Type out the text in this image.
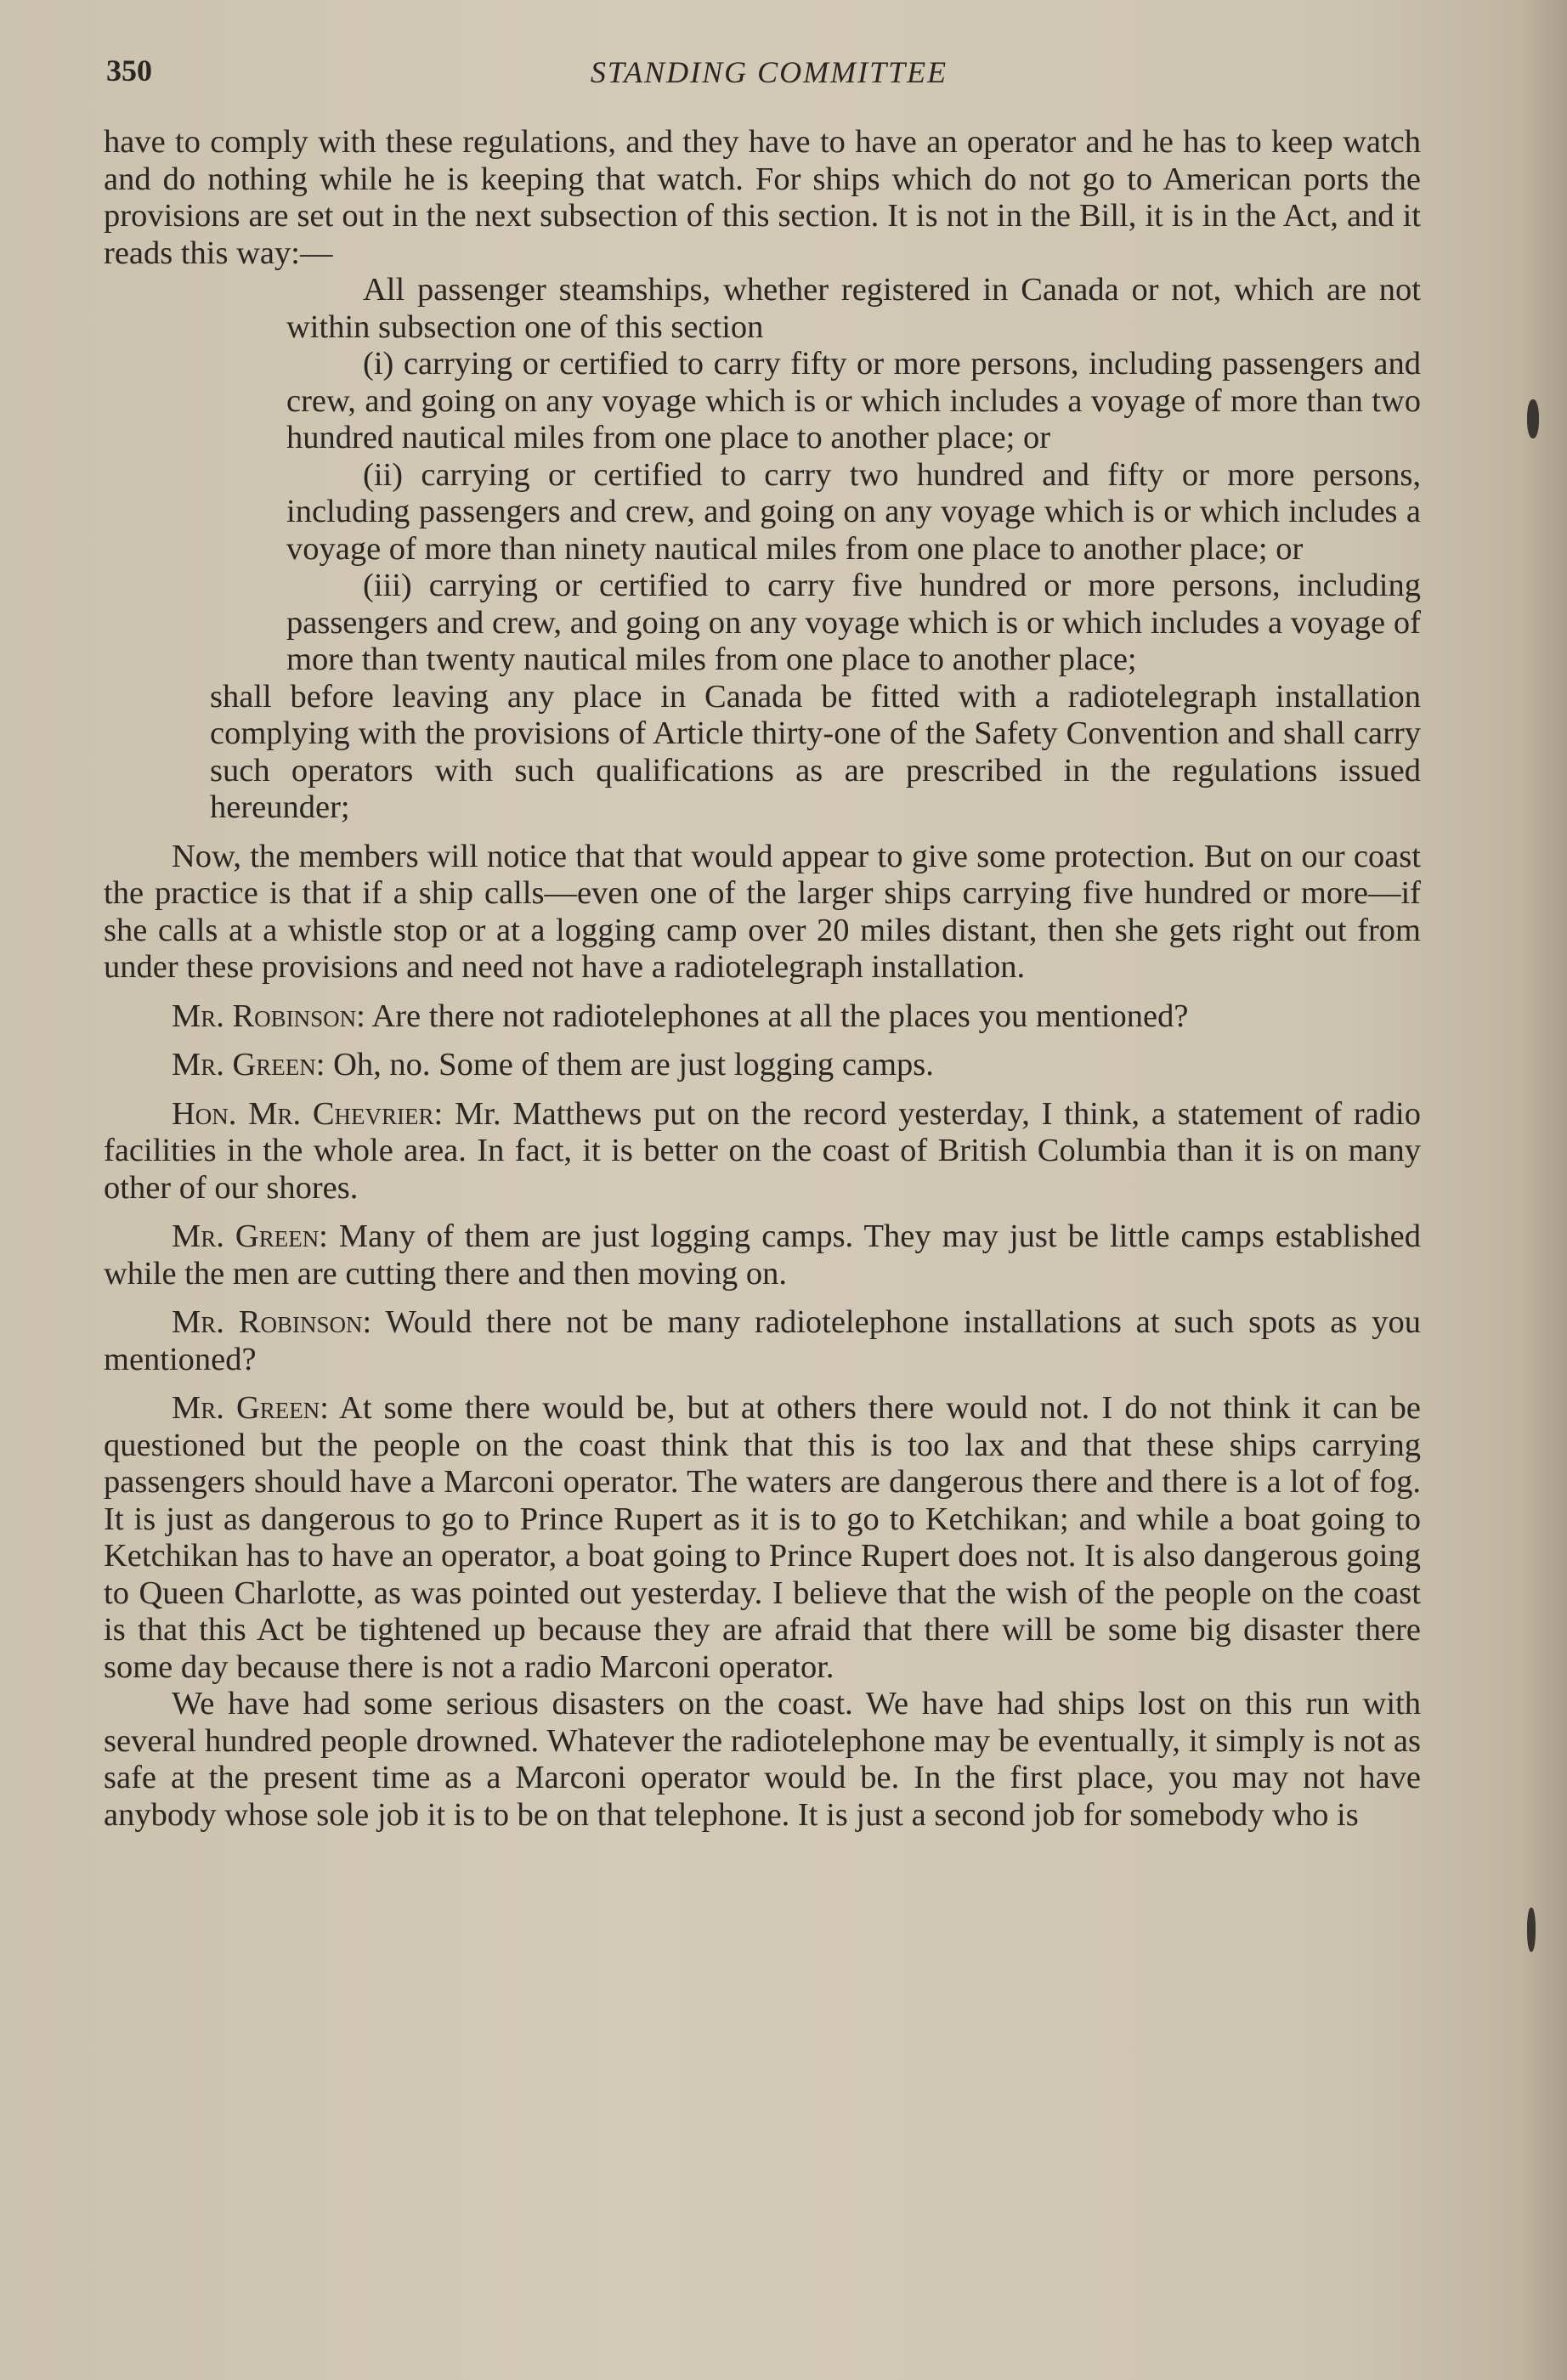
350	STANDING COMMITTEE

have to comply with these regulations, and they have to have an operator and he has to keep watch and do nothing while he is keeping that watch. For ships which do not go to American ports the provisions are set out in the next subsection of this section. It is not in the Bill, it is in the Act, and it reads this way:—

All passenger steamships, whether registered in Canada or not, which are not within subsection one of this section

(i) carrying or certified to carry fifty or more persons, including passengers and crew, and going on any voyage which is or which includes a voyage of more than two hundred nautical miles from one place to another place; or

(ii) carrying or certified to carry two hundred and fifty or more persons, including passengers and crew, and going on any voyage which is or which includes a voyage of more than ninety nautical miles from one place to another place; or

(iii) carrying or certified to carry five hundred or more persons, including passengers and crew, and going on any voyage which is or which includes a voyage of more than twenty nautical miles from one place to another place;

shall before leaving any place in Canada be fitted with a radiotelegraph installation complying with the provisions of Article thirty-one of the Safety Convention and shall carry such operators with such qualifications as are prescribed in the regulations issued hereunder;

Now, the members will notice that that would appear to give some protection. But on our coast the practice is that if a ship calls—even one of the larger ships carrying five hundred or more—if she calls at a whistle stop or at a logging camp over 20 miles distant, then she gets right out from under these provisions and need not have a radiotelegraph installation.

Mr. Robinson: Are there not radiotelephones at all the places you mentioned?

Mr. Green: Oh, no. Some of them are just logging camps.

Hon. Mr. Chevrier: Mr. Matthews put on the record yesterday, I think, a statement of radio facilities in the whole area. In fact, it is better on the coast of British Columbia than it is on many other of our shores.

Mr. Green: Many of them are just logging camps. They may just be little camps established while the men are cutting there and then moving on.

Mr. Robinson: Would there not be many radiotelephone installations at such spots as you mentioned?

Mr. Green: At some there would be, but at others there would not. I do not think it can be questioned but the people on the coast think that this is too lax and that these ships carrying passengers should have a Marconi operator. The waters are dangerous there and there is a lot of fog. It is just as dangerous to go to Prince Rupert as it is to go to Ketchikan; and while a boat going to Ketchikan has to have an operator, a boat going to Prince Rupert does not. It is also dangerous going to Queen Charlotte, as was pointed out yesterday. I believe that the wish of the people on the coast is that this Act be tightened up because they are afraid that there will be some big disaster there some day because there is not a radio Marconi operator.

We have had some serious disasters on the coast. We have had ships lost on this run with several hundred people drowned. Whatever the radiotelephone may be eventually, it simply is not as safe at the present time as a Marconi operator would be. In the first place, you may not have anybody whose sole job it is to be on that telephone. It is just a second job for somebody who is
